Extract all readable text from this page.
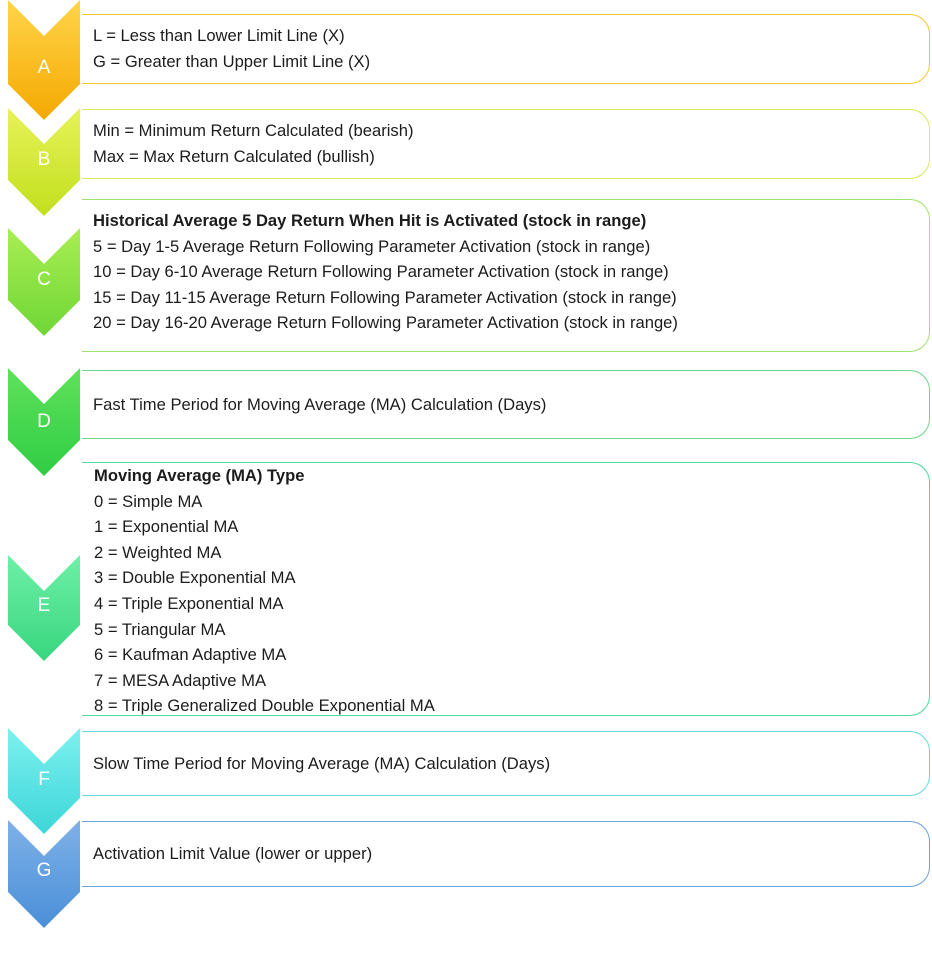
A
L = Less than Lower Limit Line (X)
G = Greater than Upper Limit Line (X)
B
Min = Minimum Return Calculated (bearish)
Max = Max Return Calculated (bullish)
C
Historical Average 5 Day Return When Hit is Activated (stock in range)
5 = Day 1-5 Average Return Following Parameter Activation (stock in range)
10 = Day 6-10 Average Return Following Parameter Activation (stock in range)
15 = Day 11-15 Average Return Following Parameter Activation (stock in range)
20 = Day 16-20 Average Return Following Parameter Activation (stock in range)
D
Fast Time Period for Moving Average (MA) Calculation (Days)
E
Moving Average (MA) Type
0 = Simple MA
1 = Exponential MA
2 = Weighted MA
3 = Double Exponential MA
4 = Triple Exponential MA
5 = Triangular MA
6 = Kaufman Adaptive MA
7 = MESA Adaptive MA
8 = Triple Generalized Double Exponential MA
F
Slow Time Period for Moving Average (MA) Calculation (Days)
G
Activation Limit Value (lower or upper)
